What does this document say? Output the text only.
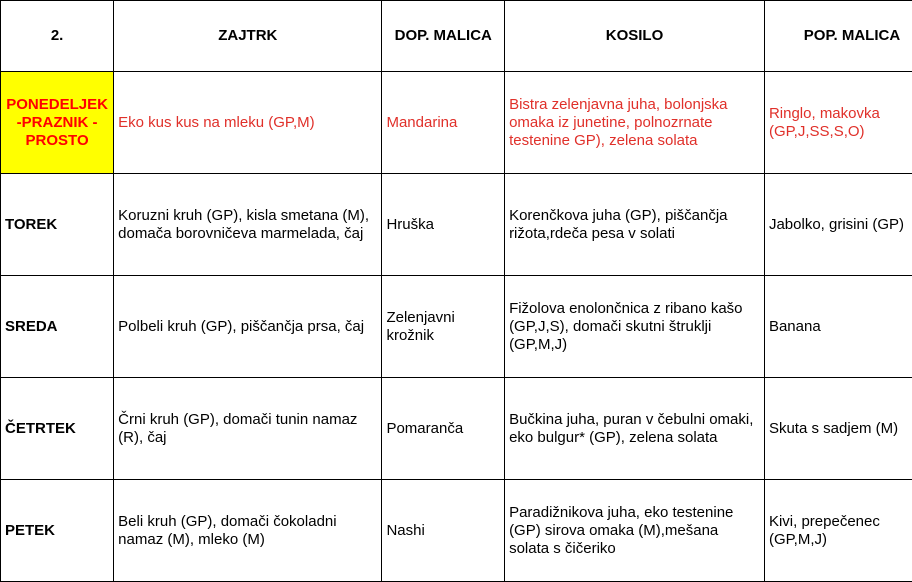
2.	ZAJTRK	DOP. MALICA	KOSILO	POP. MALICA
PONEDELJEK -PRAZNIK - PROSTO	Eko kus kus na mleku (GP,M)	Mandarina	Bistra zelenjavna juha, bolonjska omaka iz junetine, polnozrnate testenine GP), zelena solata	Ringlo, makovka (GP,J,SS,S,O)
TOREK	Koruzni kruh (GP), kisla smetana (M), domača borovničeva marmelada, čaj	Hruška	Korenčkova juha (GP), piščančja rižota,rdeča pesa v solati	Jabolko, grisini (GP)
SREDA	Polbeli kruh (GP), piščančja prsa, čaj	Zelenjavni krožnik	Fižolova enolončnica z ribano kašo (GP,J,S), domači skutni štruklji (GP,M,J)	Banana
ČETRTEK	Črni kruh (GP), domači tunin namaz (R), čaj	Pomaranča	Bučkina juha, puran v čebulni omaki, eko bulgur* (GP), zelena solata	Skuta s sadjem (M)
PETEK	Beli kruh (GP), domači čokoladni namaz (M), mleko (M)	Nashi	Paradižnikova juha, eko testenine (GP) sirova omaka (M),mešana solata s čičeriko	Kivi, prepečenec (GP,M,J)
